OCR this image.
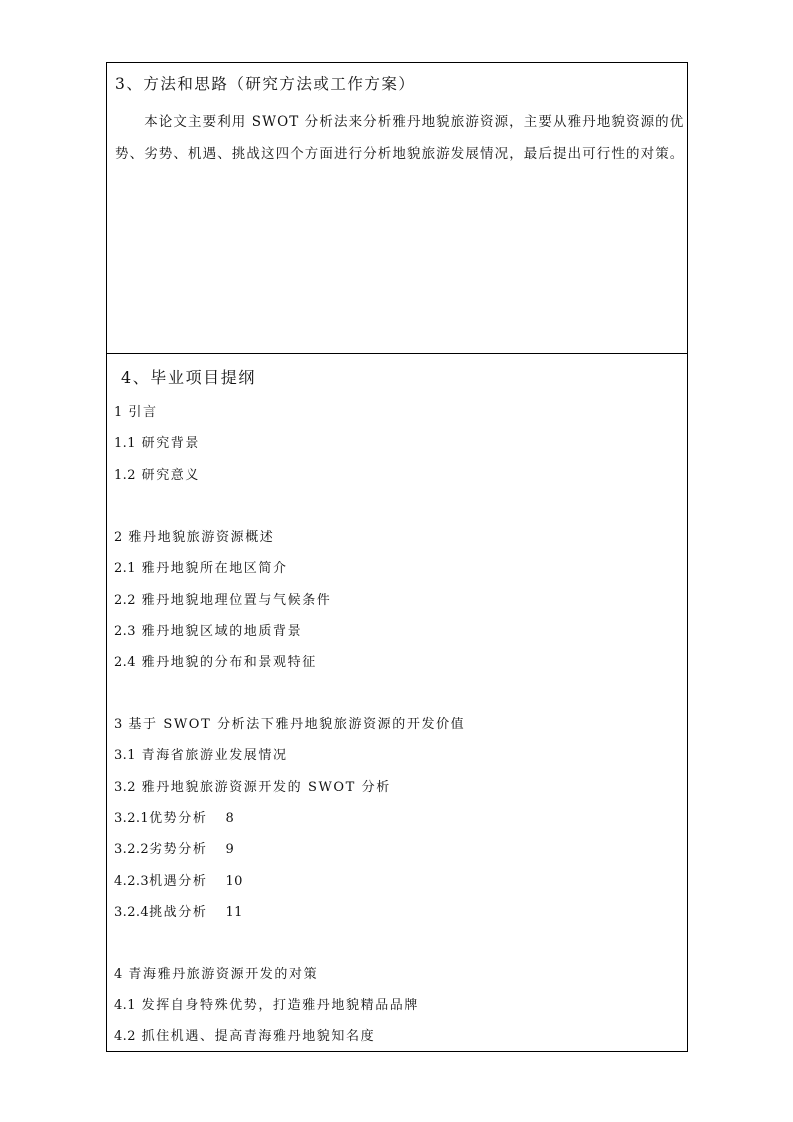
3、方法和思路（研究方法或工作方案）
　　本论文主要利用 SWOT 分析法来分析雅丹地貌旅游资源，主要从雅丹地貌资源的优
势、劣势、机遇、挑战这四个方面进行分析地貌旅游发展情况，最后提出可行性的对策。
4、毕业项目提纲
1 引言
1.1 研究背景
1.2 研究意义
2 雅丹地貌旅游资源概述
2.1 雅丹地貌所在地区简介
2.2 雅丹地貌地理位置与气候条件
2.3 雅丹地貌区域的地质背景
2.4 雅丹地貌的分布和景观特征
3 基于 SWOT 分析法下雅丹地貌旅游资源的开发价值
3.1 青海省旅游业发展情况
3.2 雅丹地貌旅游资源开发的 SWOT 分析
3.2.1优势分析 8
3.2.2劣势分析 9
4.2.3机遇分析 10
3.2.4挑战分析 11
4 青海雅丹旅游资源开发的对策
4.1 发挥自身特殊优势，打造雅丹地貌精品品牌
4.2 抓住机遇、提高青海雅丹地貌知名度
